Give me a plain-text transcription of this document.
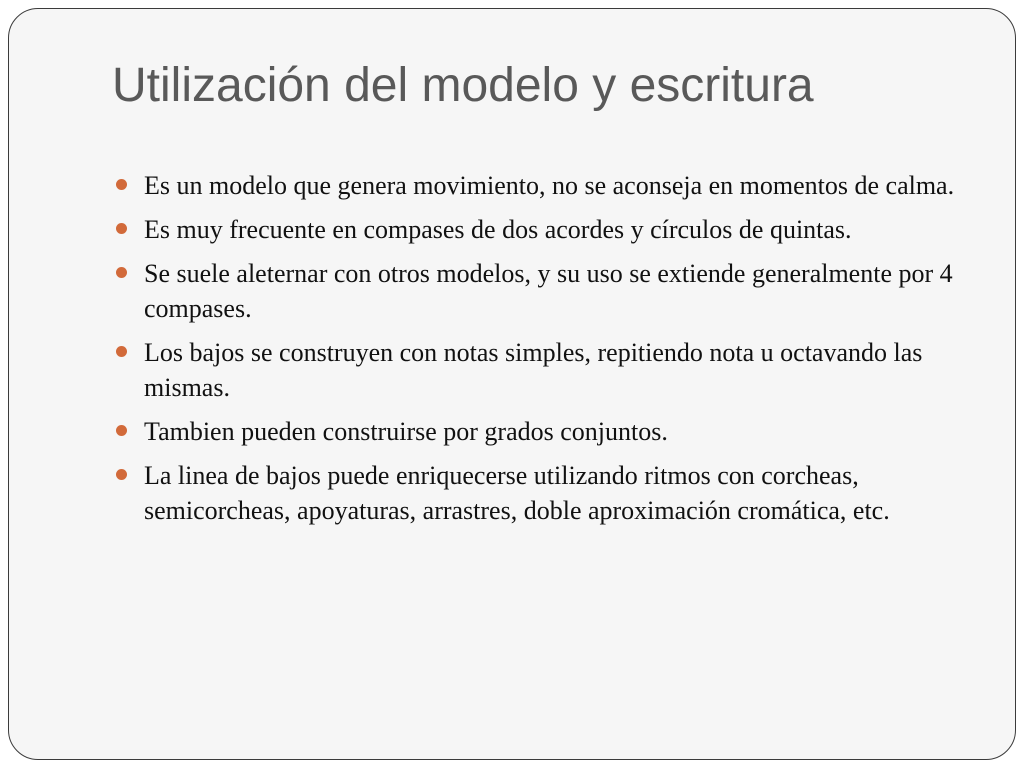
Utilización del modelo y escritura
Es un modelo que genera movimiento, no se aconseja en momentos de calma.
Es muy frecuente en compases de dos acordes y círculos de quintas.
Se suele aleternar con otros modelos, y su uso se extiende generalmente por 4 compases.
Los bajos se construyen con notas simples, repitiendo nota u octavando las mismas.
Tambien pueden construirse por grados conjuntos.
La linea de bajos puede enriquecerse utilizando ritmos con corcheas, semicorcheas, apoyaturas, arrastres, doble aproximación cromática, etc.
